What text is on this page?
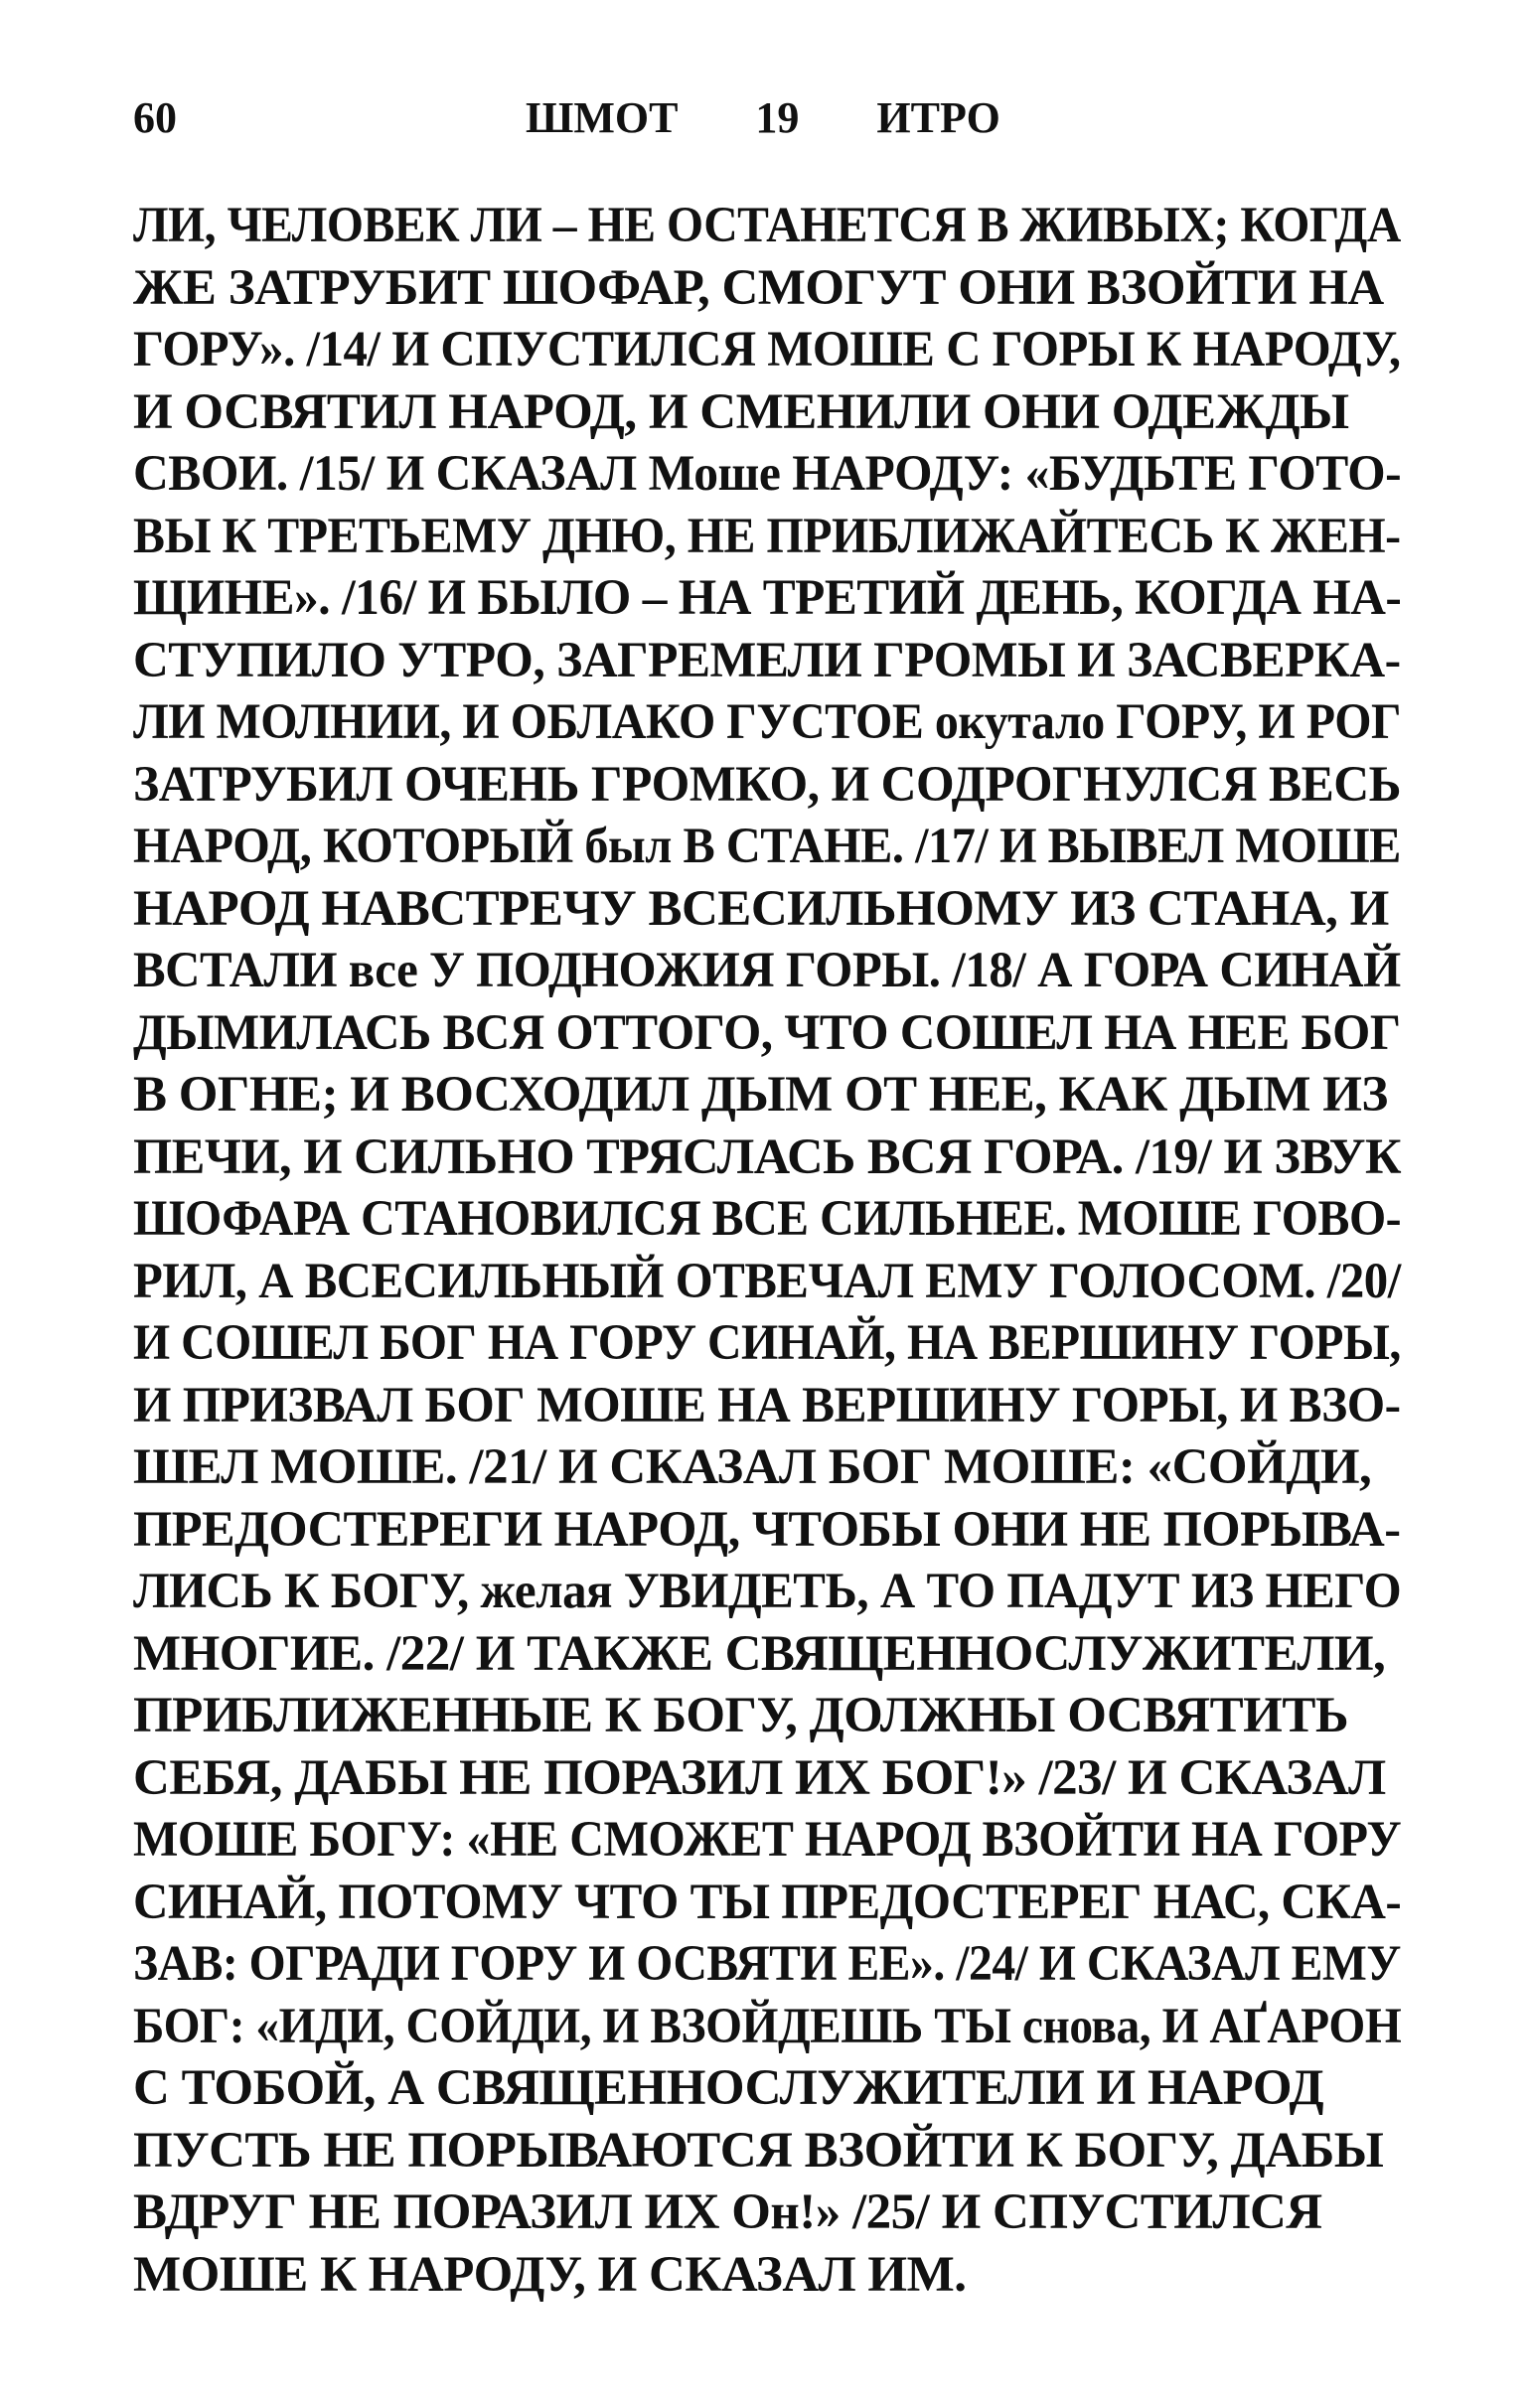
60	ШМОТ 19 ИТРО
ЛИ, ЧЕЛОВЕК ЛИ – НЕ ОСТАНЕТСЯ В ЖИВЫХ; КОГДА
ЖЕ ЗАТРУБИТ ШОФАР, СМОГУТ ОНИ ВЗОЙТИ НА
ГОРУ». /14/ И СПУСТИЛСЯ МОШЕ С ГОРЫ К НАРОДУ,
И ОСВЯТИЛ НАРОД, И СМЕНИЛИ ОНИ ОДЕЖДЫ
СВОИ. /15/ И СКАЗАЛ Моше НАРОДУ: «БУДЬТЕ ГОТО-
ВЫ К ТРЕТЬЕМУ ДНЮ, НЕ ПРИБЛИЖАЙТЕСЬ К ЖЕН-
ЩИНЕ». /16/ И БЫЛО – НА ТРЕТИЙ ДЕНЬ, КОГДА НА-
СТУПИЛО УТРО, ЗАГРЕМЕЛИ ГРОМЫ И ЗАСВЕРКА-
ЛИ МОЛНИИ, И ОБЛАКО ГУСТОЕ окутало ГОРУ, И РОГ
ЗАТРУБИЛ ОЧЕНЬ ГРОМКО, И СОДРОГНУЛСЯ ВЕСЬ
НАРОД, КОТОРЫЙ был В СТАНЕ. /17/ И ВЫВЕЛ МОШЕ
НАРОД НАВСТРЕЧУ ВСЕСИЛЬНОМУ ИЗ СТАНА, И
ВСТАЛИ все У ПОДНОЖИЯ ГОРЫ. /18/ А ГОРА СИНАЙ
ДЫМИЛАСЬ ВСЯ ОТТОГО, ЧТО СОШЕЛ НА НЕЕ БОГ
В ОГНЕ; И ВОСХОДИЛ ДЫМ ОТ НЕЕ, КАК ДЫМ ИЗ
ПЕЧИ, И СИЛЬНО ТРЯСЛАСЬ ВСЯ ГОРА. /19/ И ЗВУК
ШОФАРА СТАНОВИЛСЯ ВСЕ СИЛЬНЕЕ. МОШЕ ГОВО-
РИЛ, А ВСЕСИЛЬНЫЙ ОТВЕЧАЛ ЕМУ ГОЛОСОМ. /20/
И СОШЕЛ БОГ НА ГОРУ СИНАЙ, НА ВЕРШИНУ ГОРЫ,
И ПРИЗВАЛ БОГ МОШЕ НА ВЕРШИНУ ГОРЫ, И ВЗО-
ШЕЛ МОШЕ. /21/ И СКАЗАЛ БОГ МОШЕ: «СОЙДИ,
ПРЕДОСТЕРЕГИ НАРОД, ЧТОБЫ ОНИ НЕ ПОРЫВА-
ЛИСЬ К БОГУ, желая УВИДЕТЬ, А ТО ПАДУТ ИЗ НЕГО
МНОГИЕ. /22/ И ТАКЖЕ СВЯЩЕННОСЛУЖИТЕЛИ,
ПРИБЛИЖЕННЫЕ К БОГУ, ДОЛЖНЫ ОСВЯТИТЬ
СЕБЯ, ДАБЫ НЕ ПОРАЗИЛ ИХ БОГ!» /23/ И СКАЗАЛ
МОШЕ БОГУ: «НЕ СМОЖЕТ НАРОД ВЗОЙТИ НА ГОРУ
СИНАЙ, ПОТОМУ ЧТО ТЫ ПРЕДОСТЕРЕГ НАС, СКА-
ЗАВ: ОГРАДИ ГОРУ И ОСВЯТИ ЕЕ». /24/ И СКАЗАЛ ЕМУ
БОГ: «ИДИ, СОЙДИ, И ВЗОЙДЕШЬ ТЫ снова, И АҐАРОН
С ТОБОЙ, А СВЯЩЕННОСЛУЖИТЕЛИ И НАРОД
ПУСТЬ НЕ ПОРЫВАЮТСЯ ВЗОЙТИ К БОГУ, ДАБЫ
ВДРУГ НЕ ПОРАЗИЛ ИХ Он!» /25/ И СПУСТИЛСЯ
МОШЕ К НАРОДУ, И СКАЗАЛ ИМ.
